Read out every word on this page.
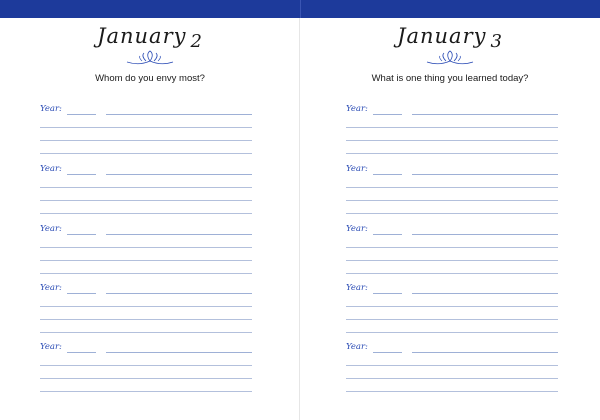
January 2
Whom do you envy most?
Year:
Year:
Year:
Year:
Year:
January 3
What is one thing you learned today?
Year:
Year:
Year:
Year:
Year:
